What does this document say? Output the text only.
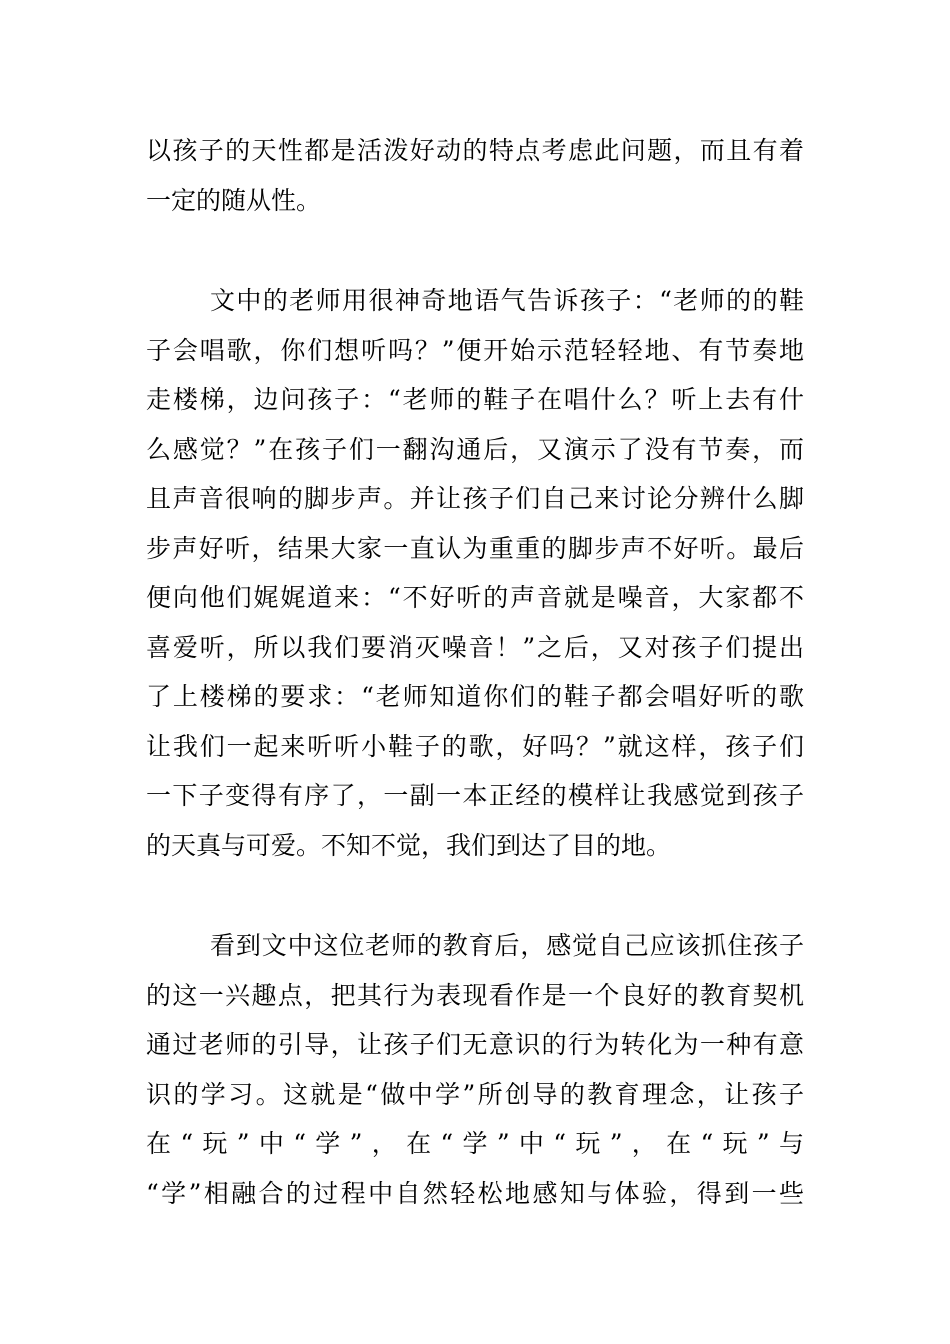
以孩子的天性都是活泼好动的特点考虑此问题，而且有着
一定的随从性。
文中的老师用很神奇地语气告诉孩子：“老师的的鞋
子会唱歌，你们想听吗？”便开始示范轻轻地、有节奏地
走楼梯，边问孩子：“老师的鞋子在唱什么？听上去有什
么感觉？”在孩子们一翻沟通后，又演示了没有节奏，而
且声音很响的脚步声。并让孩子们自己来讨论分辨什么脚
步声好听，结果大家一直认为重重的脚步声不好听。最后
便向他们娓娓道来：“不好听的声音就是噪音，大家都不
喜爱听，所以我们要消灭噪音！”之后，又对孩子们提出
了上楼梯的要求：“老师知道你们的鞋子都会唱好听的歌
让我们一起来听听小鞋子的歌，好吗？”就这样，孩子们
一下子变得有序了，一副一本正经的模样让我感觉到孩子
的天真与可爱。不知不觉，我们到达了目的地。
看到文中这位老师的教育后，感觉自己应该抓住孩子
的这一兴趣点，把其行为表现看作是一个良好的教育契机
通过老师的引导，让孩子们无意识的行为转化为一种有意
识的学习。这就是“做中学”所创导的教育理念，让孩子
在“玩”中“学”，在“学”中“玩”，在“玩”与
“学”相融合的过程中自然轻松地感知与体验，得到一些
